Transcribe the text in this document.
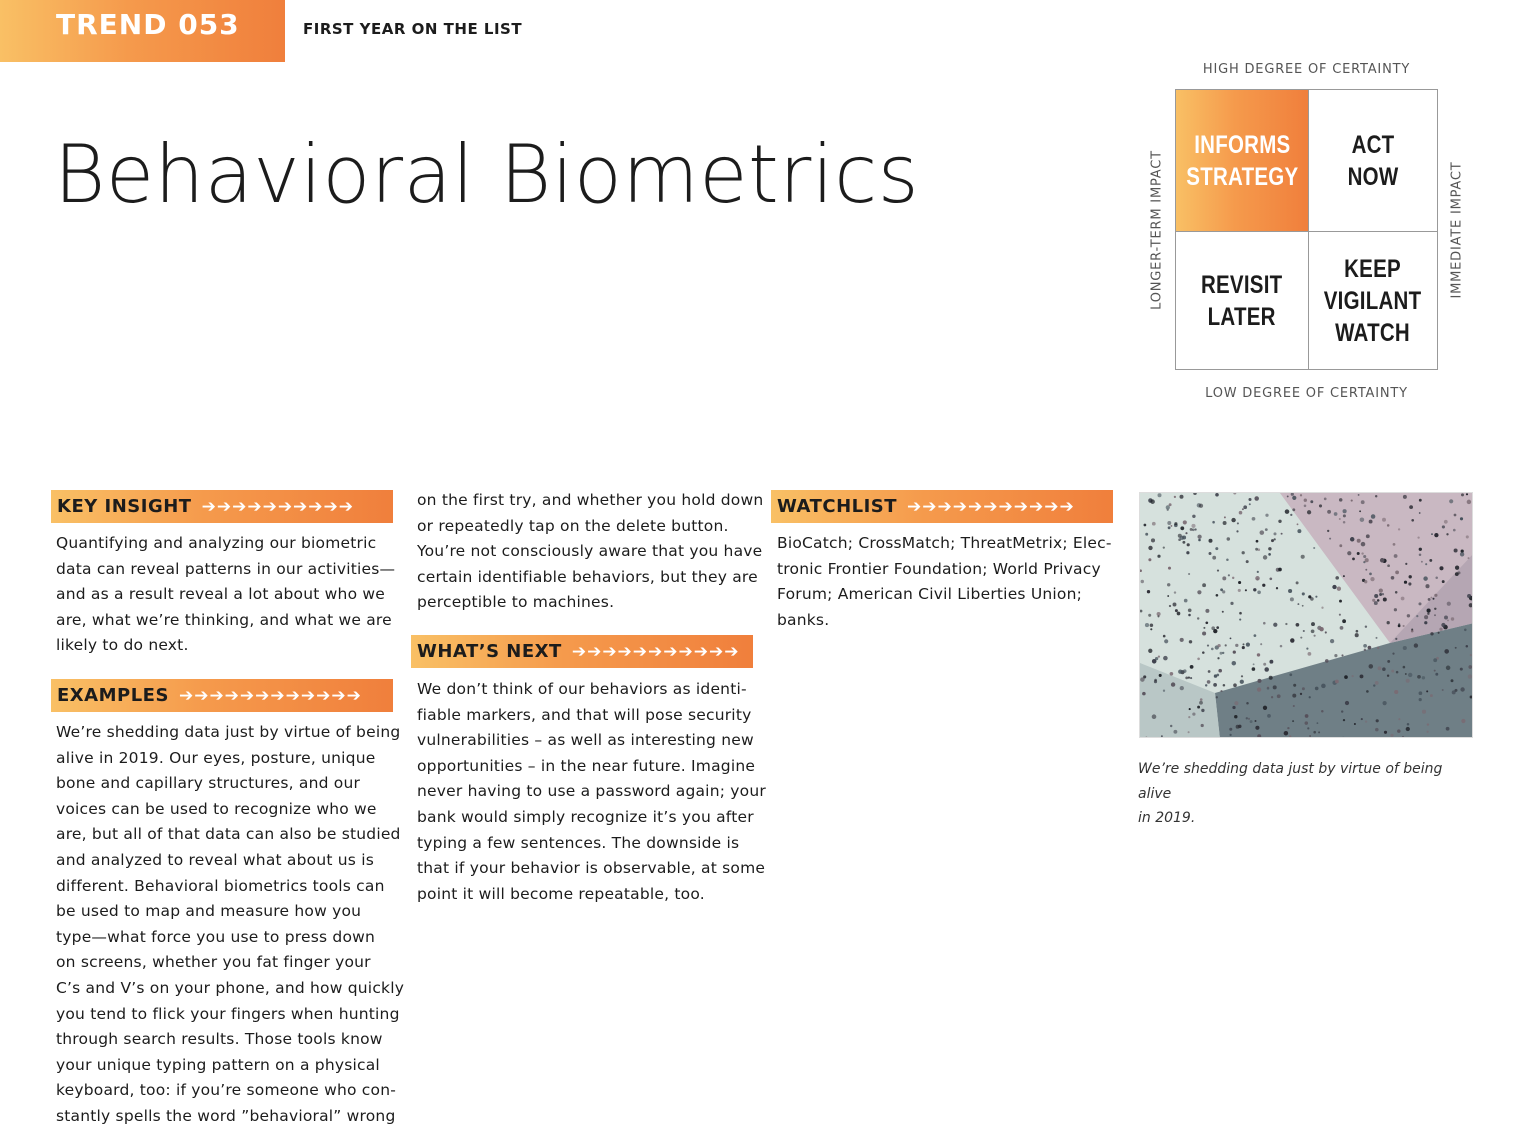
TREND 053	FIRST YEAR ON THE LIST
Behavioral Biometrics
HIGH DEGREE OF CERTAINTY
LOW DEGREE OF CERTAINTY
LONGER-TERM IMPACT	IMMEDIATE IMPACT
INFORMS
STRATEGY
ACT
NOW
REVISIT
LATER
KEEP
VIGILANT
WATCH
KEY INSIGHT ➔➔➔➔➔➔➔➔➔➔
Quantifying and analyzing our biometric
data can reveal patterns in our activities—
and as a result reveal a lot about who we
are, what we’re thinking, and what we are
likely to do next.
EXAMPLES ➔➔➔➔➔➔➔➔➔➔➔➔
We’re shedding data just by virtue of being
alive in 2019. Our eyes, posture, unique
bone and capillary structures, and our
voices can be used to recognize who we
are, but all of that data can also be studied
and analyzed to reveal what about us is
different. Behavioral biometrics tools can
be used to map and measure how you
type—what force you use to press down
on screens, whether you fat finger your
C’s and V’s on your phone, and how quickly
you tend to flick your fingers when hunting
through search results. Those tools know
your unique typing pattern on a physical
keyboard, too: if you’re someone who con-
stantly spells the word ”behavioral” wrong
on the first try, and whether you hold down
or repeatedly tap on the delete button.
You’re not consciously aware that you have
certain identifiable behaviors, but they are
perceptible to machines.
WHAT’S NEXT ➔➔➔➔➔➔➔➔➔➔➔
We don’t think of our behaviors as identi-
fiable markers, and that will pose security
vulnerabilities – as well as interesting new
opportunities – in the near future. Imagine
never having to use a password again; your
bank would simply recognize it’s you after
typing a few sentences. The downside is
that if your behavior is observable, at some
point it will become repeatable, too.
WATCHLIST ➔➔➔➔➔➔➔➔➔➔➔
BioCatch; CrossMatch; ThreatMetrix; Elec-
tronic Frontier Foundation; World Privacy
Forum; American Civil Liberties Union;
banks.
We’re shedding data just by virtue of being alive
in 2019.
